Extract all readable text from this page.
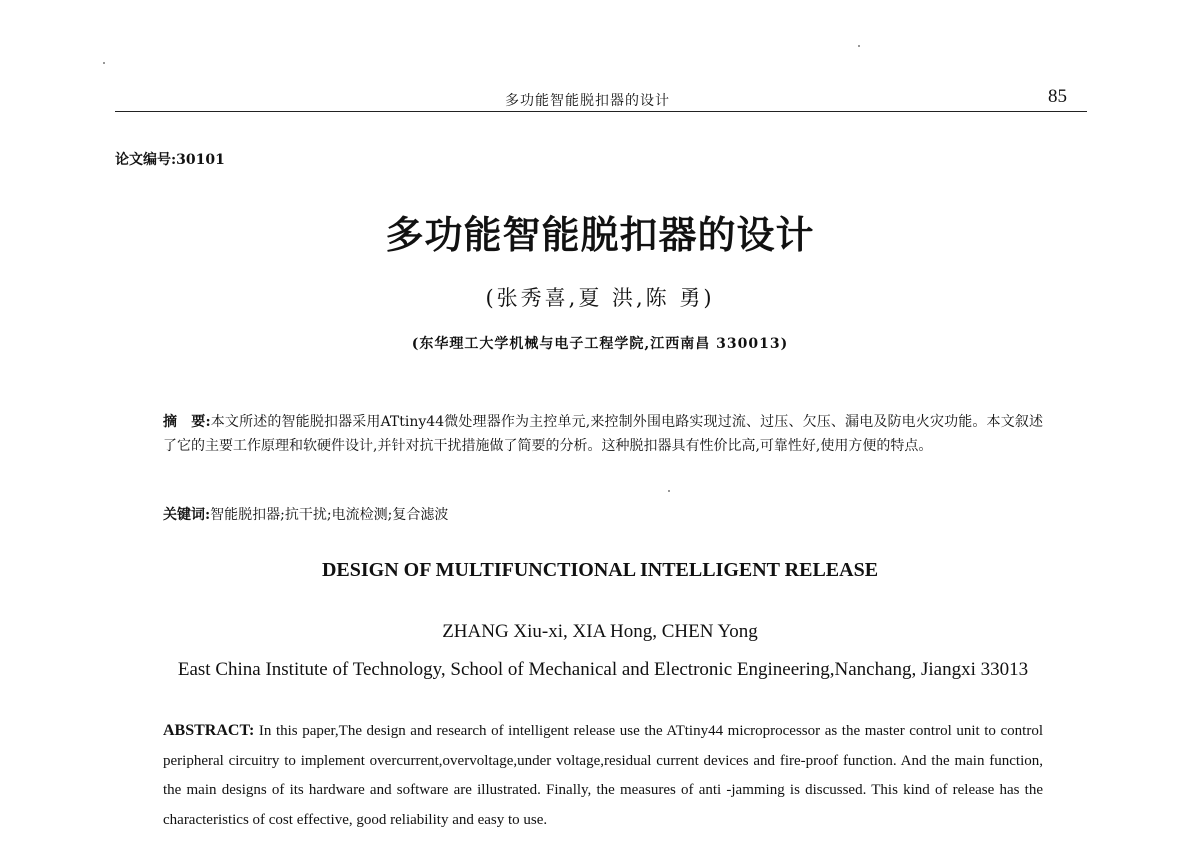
多功能智能脱扣器的设计	85
论文编号:30101
多功能智能脱扣器的设计
(张秀喜,夏 洪,陈 勇)
(东华理工大学机械与电子工程学院,江西南昌 330013)
摘　要:本文所述的智能脱扣器采用ATtiny44微处理器作为主控单元,来控制外围电路实现过流、过压、欠压、漏电及防电火灾功能。本文叙述了它的主要工作原理和软硬件设计,并针对抗干扰措施做了简要的分析。这种脱扣器具有性价比高,可靠性好,使用方便的特点。
关键词:智能脱扣器;抗干扰;电流检测;复合滤波
DESIGN OF MULTIFUNCTIONAL INTELLIGENT RELEASE
ZHANG Xiu-xi, XIA Hong, CHEN Yong
East China Institute of Technology, School of Mechanical and Electronic Engineering,Nanchang, Jiangxi 33013
ABSTRACT: In this paper,The design and research of intelligent release use the ATtiny44 microprocessor as the master control unit to control peripheral circuitry to implement overcurrent,overvoltage,under voltage,residual current devices and fire-proof function. And the main function, the main designs of its hardware and software are illustrated. Finally, the measures of anti -jamming is discussed. This kind of release has the characteristics of cost effective, good reliability and easy to use.
